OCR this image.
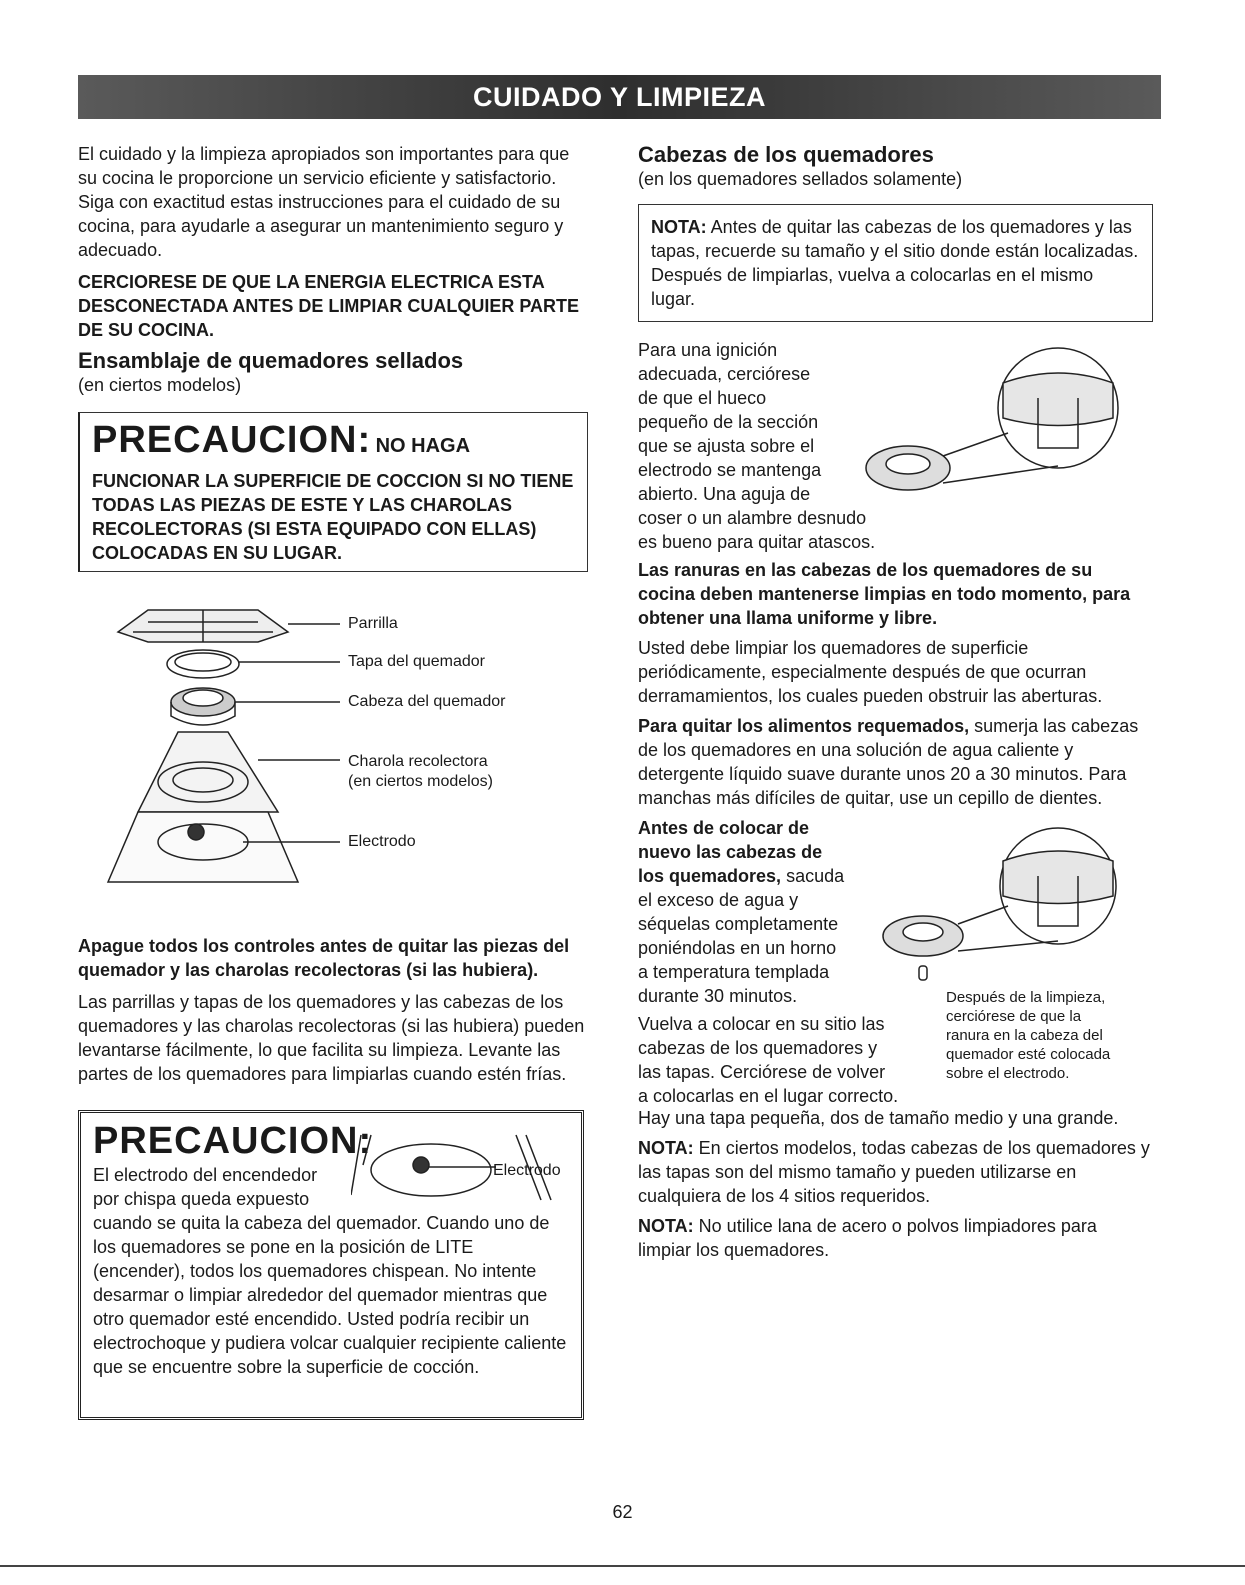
CUIDADO Y LIMPIEZA

El cuidado y la limpieza apropiados son importantes para que su cocina le proporcione un servicio eficiente y satisfactorio. Siga con exactitud estas instrucciones para el cuidado de su cocina, para ayudarle a asegurar un mantenimiento seguro y adecuado.

CERCIORESE DE QUE LA ENERGIA ELECTRICA ESTA DESCONECTADA ANTES DE LIMPIAR CUALQUIER PARTE DE SU COCINA.

Ensamblaje de quemadores sellados
(en ciertos modelos)
PRECAUCION: NO HAGA

FUNCIONAR LA SUPERFICIE DE COCCION SI NO TIENE TODAS LAS PIEZAS DE ESTE Y LAS CHAROLAS RECOLECTORAS (SI ESTA EQUIPADO CON ELLAS) COLOCADAS EN SU LUGAR.

Parrilla
Tapa del quemador
Cabeza del quemador
Charola recolectora
(en ciertos modelos)
Electrodo

Apague todos los controles antes de quitar las piezas del quemador y las charolas recolectoras (si las hubiera).

Las parrillas y tapas de los quemadores y las cabezas de los quemadores y las charolas recolectoras (si las hubiera) pueden levantarse fácilmente, lo que facilita su limpieza. Levante las partes de los quemadores para limpiarlas cuando estén frías.

PRECAUCION:
Electrodo

El electrodo del encendedor

por chispa queda expuesto

cuando se quita la cabeza del quemador. Cuando uno de los quemadores se pone en la posición de LITE (encender), todos los quemadores chispean. No intente desarmar o limpiar alrededor del quemador mientras que otro quemador esté encendido. Usted podría recibir un electrochoque y pudiera volcar cualquier recipiente caliente que se encuentre sobre la superficie de cocción.

Cabezas de los quemadores
(en los quemadores sellados solamente)

NOTA: Antes de quitar las cabezas de los quemadores y las tapas, recuerde su tamaño y el sitio donde están localizadas. Después de limpiarlas, vuelva a colocarlas en el mismo lugar.

Para una ignición

adecuada, cerciórese

de que el hueco

pequeño de la sección

que se ajusta sobre el

electrodo se mantenga

abierto. Una aguja de

coser o un alambre desnudo

es bueno para quitar atascos.

Las ranuras en las cabezas de los quemadores de su cocina deben mantenerse limpias en todo momento, para obtener una llama uniforme y libre.

Usted debe limpiar los quemadores de superficie periódicamente, especialmente después de que ocurran derramamientos, los cuales pueden obstruir las aberturas.

Para quitar los alimentos requemados, sumerja las cabezas de los quemadores en una solución de agua caliente y detergente líquido suave durante unos 20 a 30 minutos. Para manchas más difíciles de quitar, use un cepillo de dientes.

Antes de colocar de

nuevo las cabezas de

los quemadores, sacuda

el exceso de agua y

séquelas completamente

poniéndolas en un horno

a temperatura templada

durante 30 minutos.

Vuelva a colocar en su sitio las

cabezas de los quemadores y

las tapas. Cerciórese de volver

a colocarlas en el lugar correcto.

Después de la limpieza,
cerciórese de que la
ranura en la cabeza del
quemador esté colocada
sobre el electrodo.

Hay una tapa pequeña, dos de tamaño medio y una grande.

NOTA: En ciertos modelos, todas cabezas de los quemadores y las tapas son del mismo tamaño y pueden utilizarse en cualquiera de los 4 sitios requeridos.

NOTA: No utilice lana de acero o polvos limpiadores para limpiar los quemadores.

62
